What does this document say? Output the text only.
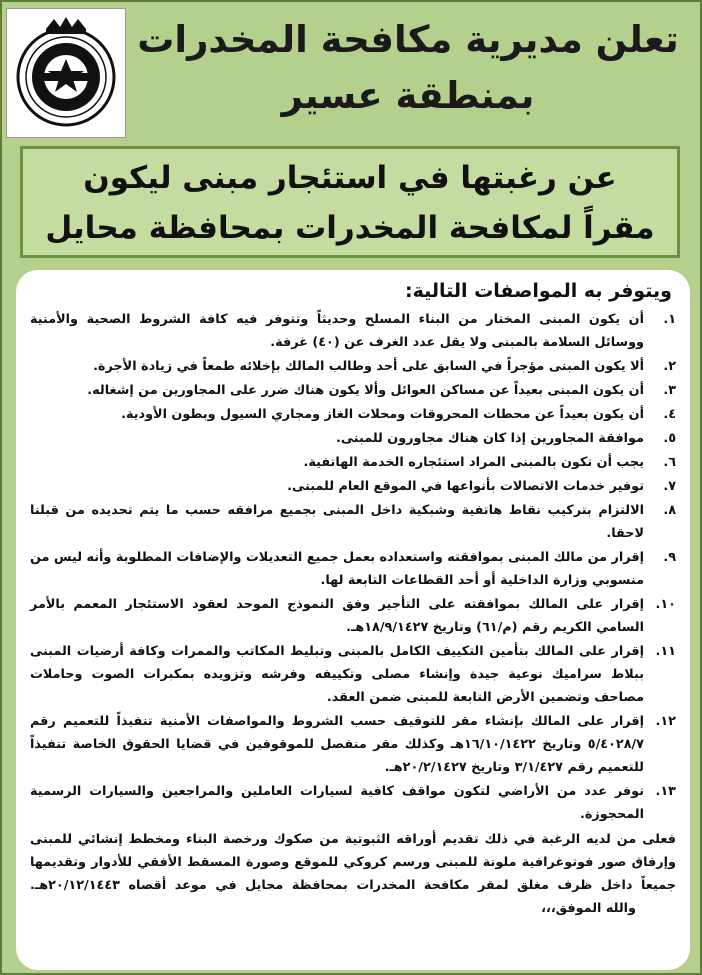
تعلن مديرية مكافحة المخدرات
بمنطقة عسير
عن رغبتها في استئجار مبنى ليكون
مقراً لمكافحة المخدرات بمحافظة محايل
ويتوفر به المواصفات التالية:
١.
أن يكون المبنى المختار من البناء المسلح وحديثاً وتتوفر فيه كافة الشروط الصحية والأمنية ووسائل السلامة بالمبنى ولا يقل عدد الغرف عن (٤٠) غرفة.
٢.
ألا يكون المبنى مؤجراً في السابق على أحد وطالب المالك بإخلائه طمعاً في زيادة الأجرة.
٣.
أن يكون المبنى بعيداً عن مساكن العوائل وألا يكون هناك ضرر على المجاورين من إشغاله.
٤.
أن يكون بعيداً عن محطات المحروقات ومحلات الغاز ومجاري السيول وبطون الأودية.
٥.
موافقة المجاورين إذا كان هناك مجاورون للمبنى.
٦.
يجب أن تكون بالمبنى المراد استئجاره الخدمة الهاتفية.
٧.
توفير خدمات الاتصالات بأنواعها في الموقع العام للمبنى.
٨.
الالتزام بتركيب نقاط هاتفية وشبكية داخل المبنى بجميع مرافقه حسب ما يتم تحديده من قبلنا لاحقا.
٩.
إقرار من مالك المبنى بموافقته واستعداده بعمل جميع التعديلات والإضافات المطلوبة وأنه ليس من منسوبي وزارة الداخلية أو أحد القطاعات التابعة لها.
١٠.
إقرار على المالك بموافقته على التأجير وفق النموذج الموحد لعقود الاستئجار المعمم بالأمر السامي الكريم رقم (م/٦١) وتاريخ ١٨/٩/١٤٢٧هـ.
١١.
إقرار على المالك بتأمين التكييف الكامل بالمبنى وتبليط المكاتب والممرات وكافة أرضيات المبنى ببلاط سراميك نوعية جيدة وإنشاء مصلى وتكييفه وفرشه وتزويده بمكبرات الصوت وحاملات مصاحف وتضمين الأرض التابعة للمبنى ضمن العقد.
١٢.
إقرار على المالك بإنشاء مقر للتوقيف حسب الشروط والمواصفات الأمنية تنفيذاً للتعميم رقم ٥/٤٠٢٨/٧ وتاريخ ١٦/١٠/١٤٢٢هـ وكذلك مقر منفصل للموقوفين في قضايا الحقوق الخاصة تنفيذاً للتعميم رقم ٣/١/٤٢٧ وتاريخ ٢٠/٢/١٤٢٧هـ.
١٣.
توفر عدد من الأراضي لتكون مواقف كافية لسيارات العاملين والمراجعين والسيارات الرسمية المحجوزة.
فعلى من لديه الرغبة في ذلك تقديم أوراقه الثبوتية من صكوك ورخصة البناء ومخطط إنشائي للمبنى وإرفاق صور فوتوغرافية ملونة للمبنى ورسم كروكي للموقع وصورة المسقط الأفقي للأدوار وتقديمها جميعاً داخل ظرف مغلق لمقر مكافحة المخدرات بمحافظة محايل في موعد أقصاه ٢٠/١٢/١٤٤٣هـ. والله الموفق،،،
